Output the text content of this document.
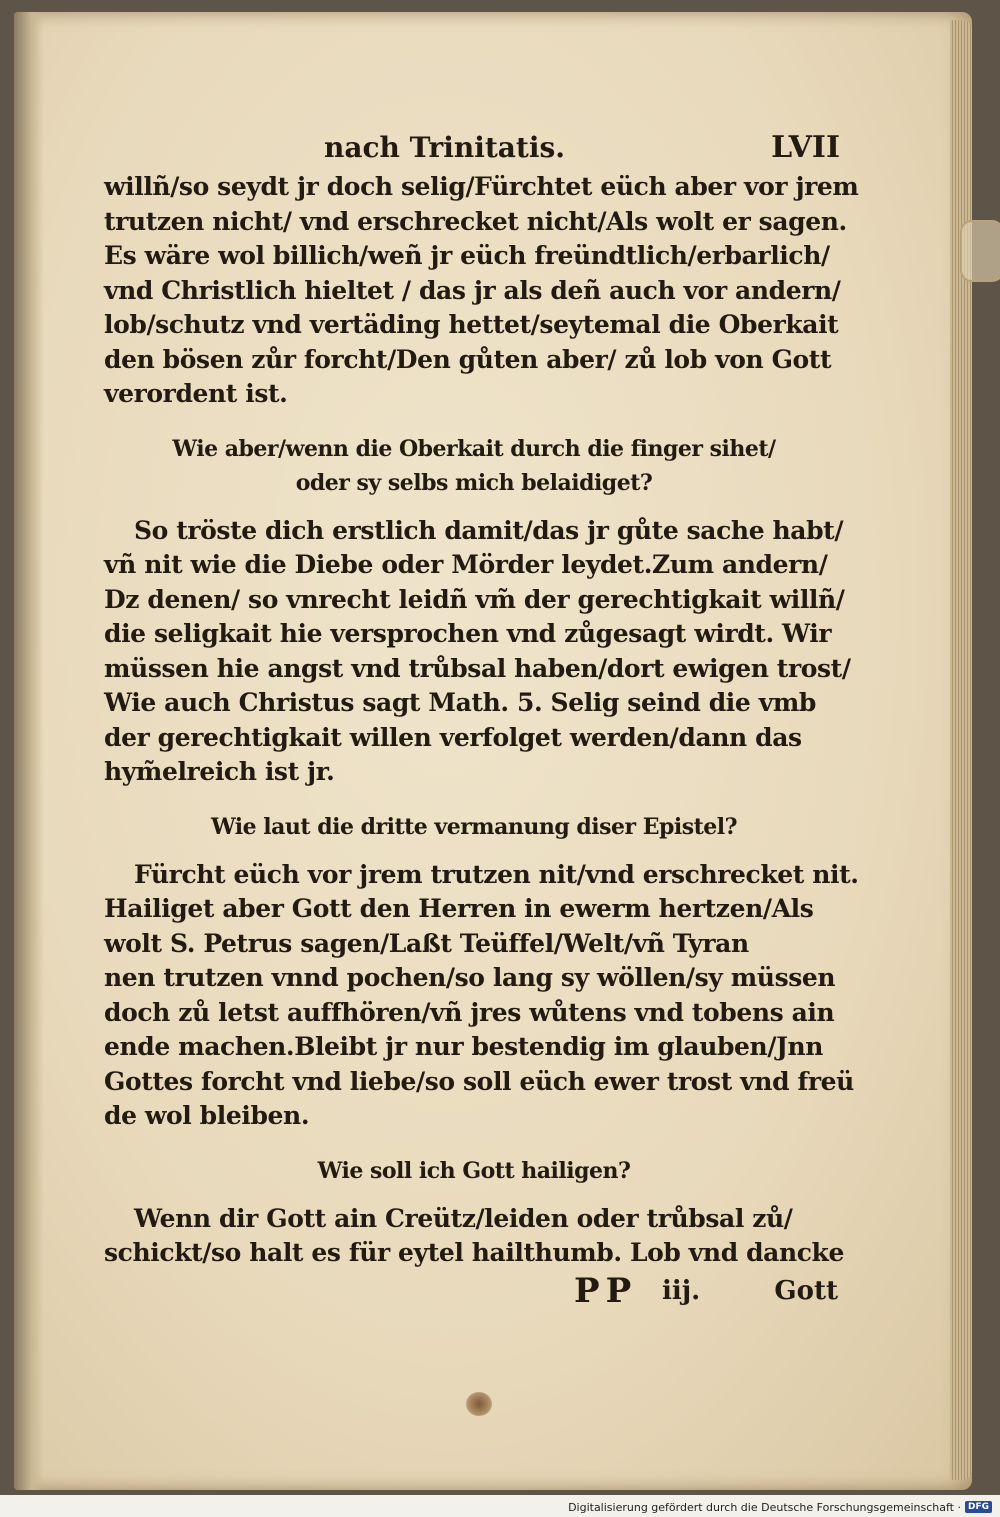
nach Trinitatis.	LVII
willñ/so seydt jr doch selig/Fürchtet eüch aber vor jrem
trutzen nicht/ vnd erschrecket nicht/Als wolt er sagen.
Es wäre wol billich/weñ jr eüch freündtlich/erbarlich/
vnd Christlich hieltet / das jr als deñ auch vor andern/
lob/schutz vnd vertäding hettet/seytemal die Oberkait
den bösen zůr forcht/Den gůten aber/ zů lob von Gott
verordent ist.
Wie aber/wenn die Oberkait durch die finger sihet/
oder sy selbs mich belaidiget?
So tröste dich erstlich damit/das jr gůte sache habt/
vñ nit wie die Diebe oder Mörder leydet.Zum andern/
Dz denen/ so vnrecht leidñ vm̃ der gerechtigkait willñ/
die seligkait hie versprochen vnd zůgesagt wirdt. Wir
müssen hie angst vnd trůbsal haben/dort ewigen trost/
Wie auch Christus sagt Math. 5. Selig seind die vmb
der gerechtigkait willen verfolget werden/dann das
hym̃elreich ist jr.
Wie laut die dritte vermanung diser Epistel?
Fürcht eüch vor jrem trutzen nit/vnd erschrecket nit.
Hailiget aber Gott den Herren in ewerm hertzen/Als
wolt S. Petrus sagen/Laßt Teüffel/Welt/vñ Tyran
nen trutzen vnnd pochen/so lang sy wöllen/sy müssen
doch zů letst auffhören/vñ jres wůtens vnd tobens ain
ende machen.Bleibt jr nur bestendig im glauben/Jnn
Gottes forcht vnd liebe/so soll eüch ewer trost vnd freü
de wol bleiben.
Wie soll ich Gott hailigen?
Wenn dir Gott ain Creütz/leiden oder trůbsal zů/
schickt/so halt es für eytel hailthumb. Lob vnd dancke
PP iij.	Gott
Digitalisierung gefördert durch die Deutsche Forschungsgemeinschaft · DFG
